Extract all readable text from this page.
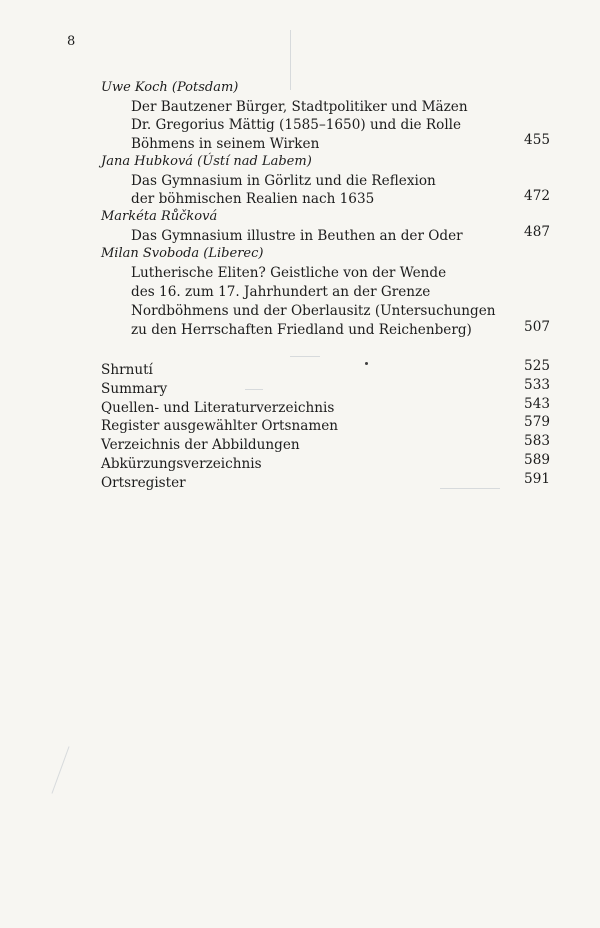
8
Uwe Koch (Potsdam)
Der Bautzener Bürger, Stadtpolitiker und Mäzen
Dr. Gregorius Mättig (1585–1650) und die Rolle
Böhmens in seinem Wirken	455
Jana Hubková (Ústí nad Labem)
Das Gymnasium in Görlitz und die Reflexion
der böhmischen Realien nach 1635	472
Markéta Růčková
Das Gymnasium illustre in Beuthen an der Oder	487
Milan Svoboda (Liberec)
Lutherische Eliten? Geistliche von der Wende
des 16. zum 17. Jahrhundert an der Grenze
Nordböhmens und der Oberlausitz (Untersuchungen
zu den Herrschaften Friedland und Reichenberg)	507
Shrnutí	525
Summary	533
Quellen- und Literaturverzeichnis	543
Register ausgewählter Ortsnamen	579
Verzeichnis der Abbildungen	583
Abkürzungsverzeichnis	589
Ortsregister	591
